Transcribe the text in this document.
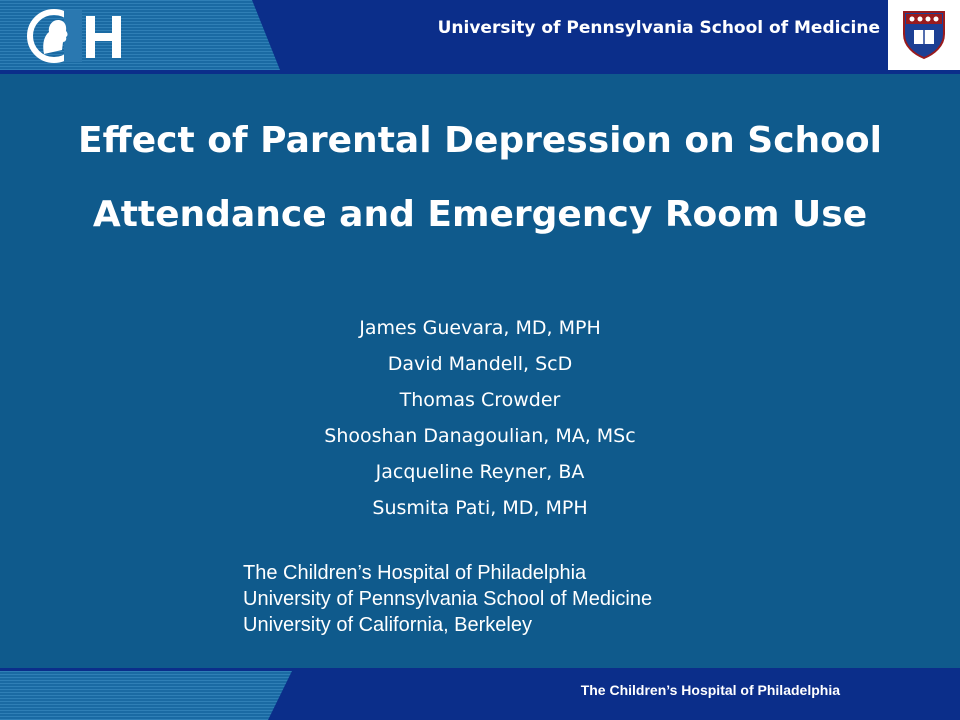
University of Pennsylvania School of Medicine
Effect of Parental Depression on School
Attendance and Emergency Room Use
James Guevara, MD, MPH
David Mandell, ScD
Thomas Crowder
Shooshan Danagoulian, MA, MSc
Jacqueline Reyner, BA
Susmita Pati, MD, MPH
The Children’s Hospital of Philadelphia
University of Pennsylvania School of Medicine
University of California, Berkeley
The Children’s Hospital of Philadelphia
